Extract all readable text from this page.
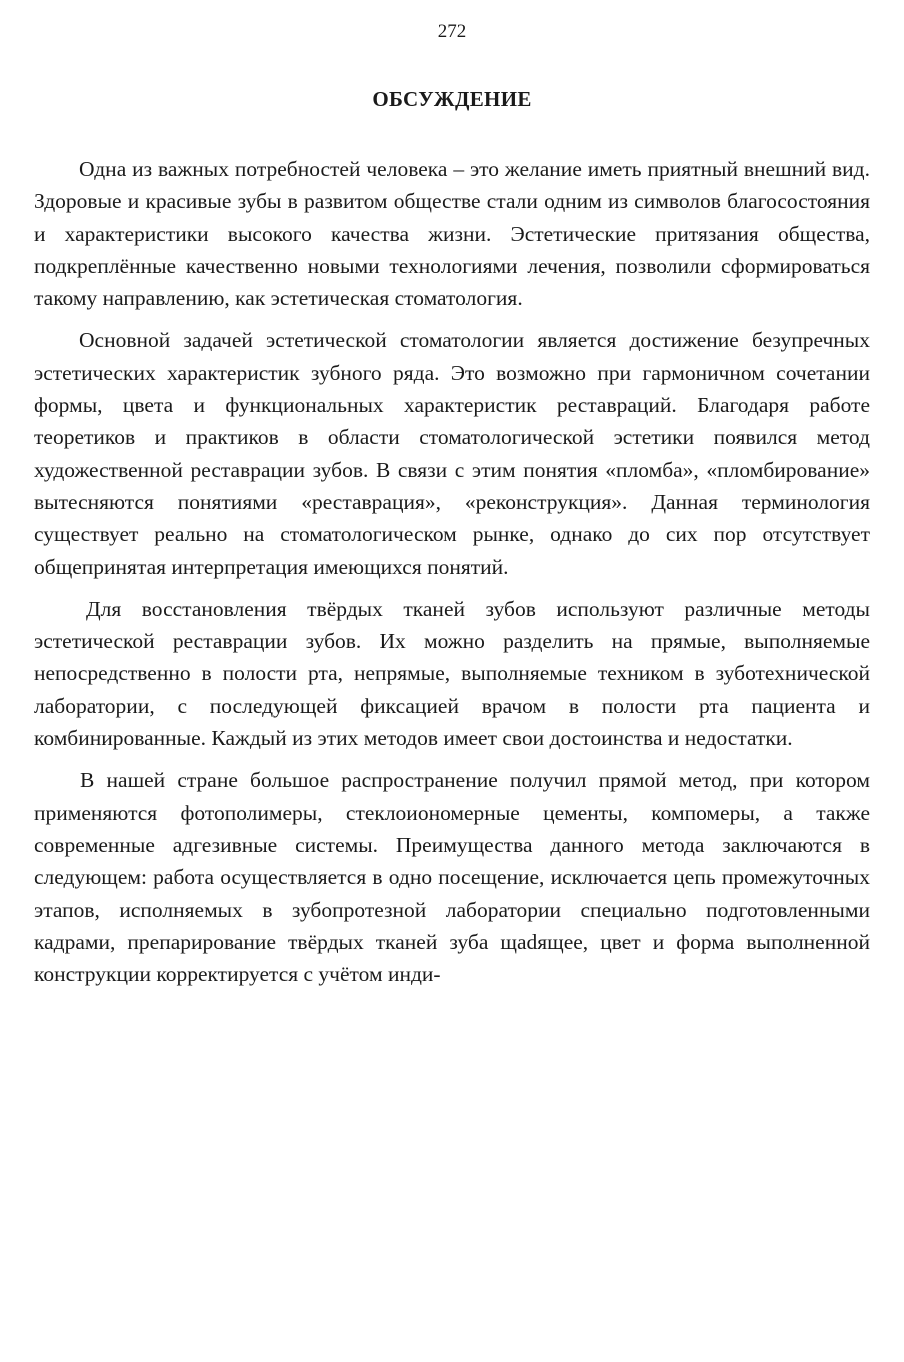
272
ОБСУЖДЕНИЕ

Одна из важных потребностей человека – это желание иметь приятный внешний вид. Здоровые и красивые зубы в развитом обществе стали одним из символов благосостояния и характеристики высокого качества жизни. Эстетические притязания общества, подкреплённые качественно новыми технологиями лечения, позволили сформироваться такому направлению, как эстетическая стоматология.

Основной задачей эстетической стоматологии является достижение безупречных эстетических характеристик зубного ряда. Это возможно при гармоничном сочетании формы, цвета и функциональных характеристик реставраций. Благодаря работе теоретиков и практиков в области стоматологической эстетики появился метод художественной реставрации зубов. В связи с этим понятия «пломба», «пломбирование» вытесняются понятиями «реставрация», «реконструкция». Данная терминология существует реально на стоматологическом рынке, однако до сих пор отсутствует общепринятая интерпретация имеющихся понятий.

Для восстановления твёрдых тканей зубов используют различные методы эстетической реставрации зубов. Их можно разделить на прямые, выполняемые непосредственно в полости рта, непрямые, выполняемые техником в зуботехнической лаборатории, с последующей фиксацией врачом в полости рта пациента и комбинированные. Каждый из этих методов имеет свои достоинства и недостатки.

В нашей стране большое распространение получил прямой метод, при котором применяются фотополимеры, стеклоиономерные цементы, компомеры, а также современные адгезивные системы. Преимущества данного метода заключаются в следующем: работа осуществляется в одно посещение, исключается цепь промежуточных этапов, исполняемых в зубопротезной лаборатории специально подготовленными кадрами, препарирование твёрдых тканей зуба щаdящее, цвет и форма выполненной конструкции корректируется с учётом инди-
